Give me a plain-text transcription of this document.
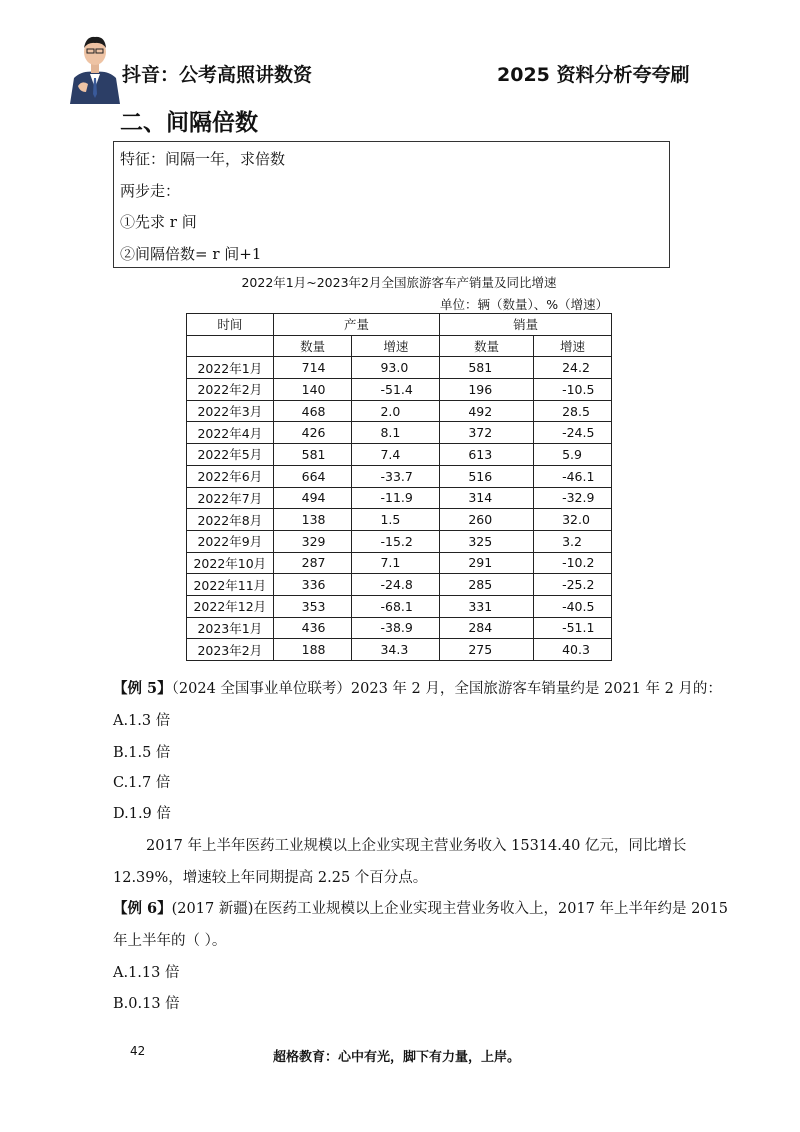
抖音：公考高照讲数资	2025 资料分析夸夸刷
二、间隔倍数
特征：间隔一年，求倍数
两步走：
①先求 r 间
②间隔倍数= r 间+1
2022年1月~2023年2月全国旅游客车产销量及同比增速
单位：辆（数量）、%（增速）
时间	产量		销量	
	数量	增速	数量	增速
2022年1月	714	93.0	581	24.2
2022年2月	140	-51.4	196	-10.5
2022年3月	468	2.0	492	28.5
2022年4月	426	8.1	372	-24.5
2022年5月	581	7.4	613	5.9
2022年6月	664	-33.7	516	-46.1
2022年7月	494	-11.9	314	-32.9
2022年8月	138	1.5	260	32.0
2022年9月	329	-15.2	325	3.2
2022年10月	287	7.1	291	-10.2
2022年11月	336	-24.8	285	-25.2
2022年12月	353	-68.1	331	-40.5
2023年1月	436	-38.9	284	-51.1
2023年2月	188	34.3	275	40.3
【例 5】（2024 全国事业单位联考）2023 年 2 月，全国旅游客车销量约是 2021 年 2 月的：
A.1.3 倍
B.1.5 倍
C.1.7 倍
D.1.9 倍
2017 年上半年医药工业规模以上企业实现主营业务收入 15314.40 亿元，同比增长
12.39%，增速较上年同期提高 2.25 个百分点。
【例 6】(2017 新疆)在医药工业规模以上企业实现主营业务收入上，2017 年上半年约是 2015
年上半年的（ ）。
A.1.13 倍
B.0.13 倍
42	超格教育：心中有光，脚下有力量，上岸。
